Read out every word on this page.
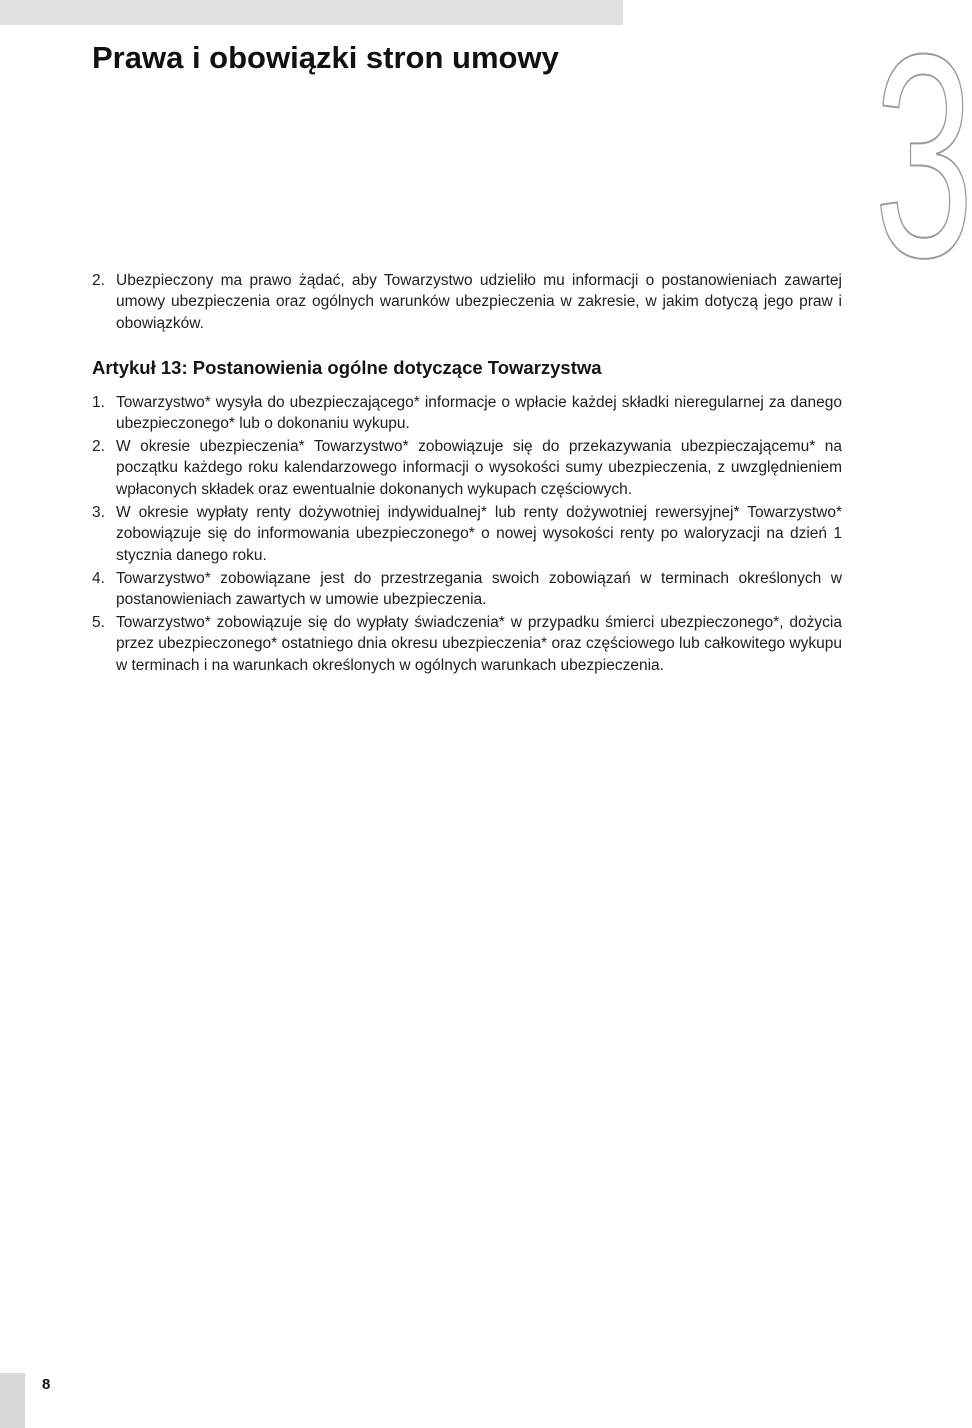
Prawa i obowiązki stron umowy 3
2. Ubezpieczony ma prawo żądać, aby Towarzystwo udzieliło mu informacji o postanowieniach zawartej umowy ubezpieczenia oraz ogólnych warunków ubezpieczenia w zakresie, w jakim dotyczą jego praw i obowiązków.
Artykuł 13: Postanowienia ogólne dotyczące Towarzystwa
1. Towarzystwo* wysyła do ubezpieczającego* informacje o wpłacie każdej składki nieregularnej za danego ubezpieczonego* lub o dokonaniu wykupu.
2. W okresie ubezpieczenia* Towarzystwo* zobowiązuje się do przekazywania ubezpieczającemu* na początku każdego roku kalendarzowego informacji o wysokości sumy ubezpieczenia, z uwzględnieniem wpłaconych składek oraz ewentualnie dokonanych wykupach częściowych.
3. W okresie wypłaty renty dożywotniej indywidualnej* lub renty dożywotniej rewersyjnej* Towarzystwo* zobowiązuje się do informowania ubezpieczonego* o nowej wysokości renty po waloryzacji na dzień 1 stycznia danego roku.
4. Towarzystwo* zobowiązane jest do przestrzegania swoich zobowiązań w terminach określonych w postanowieniach zawartych w umowie ubezpieczenia.
5. Towarzystwo* zobowiązuje się do wypłaty świadczenia* w przypadku śmierci ubezpieczonego*, dożycia przez ubezpieczonego* ostatniego dnia okresu ubezpieczenia* oraz częściowego lub całkowitego wykupu w terminach i na warunkach określonych w ogólnych warunkach ubezpieczenia.
8
